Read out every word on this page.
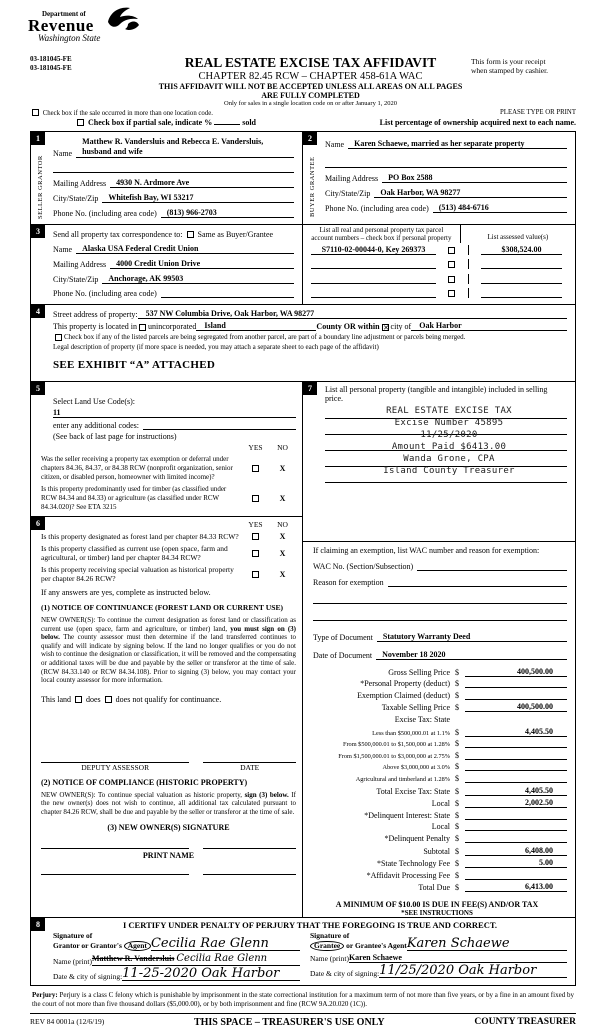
Department of
Revenue
Washington State
03-181045-FE
03-181045-FE	REAL ESTATE EXCISE TAX AFFIDAVIT
CHAPTER 82.45 RCW – CHAPTER 458-61A WAC
THIS AFFIDAVIT WILL NOT BE ACCEPTED UNLESS ALL AREAS ON ALL PAGES ARE FULLY COMPLETED
Only for sales in a single location code on or after January 1, 2020
This form is your receipt
when stamped by cashier.
Check box if the sale occurred in more than one location code.	PLEASE TYPE OR PRINT
Check box if partial sale, indicate %	sold	List percentage of ownership acquired next to each name.
1
SELLER GRANTOR
Name
Matthew R. Vandersluis and Rebecca E. Vandersluis,
husband and wife
Mailing Address	4930 N. Ardmore Ave
City/State/Zip	Whitefish Bay, WI 53217
Phone No. (including area code)	(813) 966-2703
2
BUYER GRANTEE
Name	Karen Schaewe, married as her separate property
Mailing Address	PO Box 2588
City/State/Zip	Oak Harbor, WA 98277
Phone No. (including area code)	(513) 484-6716
3	Send all property tax correspondence to: Same as Buyer/Grantee
Name	Alaska USA Federal Credit Union
Mailing Address	4000 Credit Union Drive
City/State/Zip	Anchorage, AK 99503
Phone No. (including area code)
List all real and personal property tax parcel account numbers – check box if personal property	List assessed value(s)
S7110-02-00044-0, Key 269373	$308,524.00
4	Street address of property:	537 NW Columbia Drive, Oak Harbor, WA 98277
This property is located in unincorporated	Island	County OR within ✕ city of	Oak Harbor
Check box if any of the listed parcels are being segregated from another parcel, are part of a boundary line adjustment or parcels being merged.
Legal description of property (if more space is needed, you may attach a separate sheet to each page of the affidavit)
SEE EXHIBIT “A” ATTACHED
5
Select Land Use Code(s):
11
enter any additional codes:
(See back of last page for instructions)
YES	NO
Was the seller receiving a property tax exemption or deferral under chapters 84.36, 84.37, or 84.38 RCW (nonprofit organization, senior citizen, or disabled person, homeowner with limited income)?
X
Is this property predominantly used for timber (as classified under RCW 84.34 and 84.33) or agriculture (as classified under RCW 84.34.020)? See ETA 3215
X
6	YES	NO
Is this property designated as forest land per chapter 84.33 RCW?	X
Is this property classified as current use (open space, farm and agricultural, or timber) land per chapter 84.34 RCW?	X
Is this property receiving special valuation as historical property per chapter 84.26 RCW?	X
If any answers are yes, complete as instructed below.
(1) NOTICE OF CONTINUANCE (FOREST LAND OR CURRENT USE)
NEW OWNER(S): To continue the current designation as forest land or classification as current use (open space, farm and agriculture, or timber) land, you must sign on (3) below. The county assessor must then determine if the land transferred continues to qualify and will indicate by signing below. If the land no longer qualifies or you do not wish to continue the designation or classification, it will be removed and the compensating or additional taxes will be due and payable by the seller or transferor at the time of sale. (RCW 84.33.140 or RCW 84.34.108). Prior to signing (3) below, you may contact your local county assessor for more information.
This land does does not qualify for continuance.
DEPUTY ASSESSOR	DATE
(2) NOTICE OF COMPLIANCE (HISTORIC PROPERTY)
NEW OWNER(S): To continue special valuation as historic property, sign (3) below. If the new owner(s) does not wish to continue, all additional tax calculated pursuant to chapter 84.26 RCW, shall be due and payable by the seller or transferor at the time of sale.
(3) NEW OWNER(S) SIGNATURE
PRINT NAME
7	List all personal property (tangible and intangible) included in selling price.
REAL ESTATE EXCISE TAX
Excise Number 45895
11/25/2020
Amount Paid $6413.00
Wanda Grone, CPA
Island County Treasurer
If claiming an exemption, list WAC number and reason for exemption:
WAC No. (Section/Subsection)
Reason for exemption
Type of Document	Statutory Warranty Deed
Date of Document	November 18 2020
Gross Selling Price $	400,500.00
*Personal Property (deduct) $
Exemption Claimed (deduct) $
Taxable Selling Price $	400,500.00
Excise Tax: State
Less than $500,000.01 at 1.1% $	4,405.50
From $500,000.01 to $1,500,000 at 1.28% $
From $1,500,000.01 to $3,000,000 at 2.75% $
Above $3,000,000 at 3.0% $
Agricultural and timberland at 1.28% $
Total Excise Tax: State $	4,405.50
Local $	2,002.50
*Delinquent Interest: State $
Local $
*Delinquent Penalty $
Subtotal $	6,408.00
*State Technology Fee $	5.00
*Affidavit Processing Fee $
Total Due $	6,413.00
A MINIMUM OF $10.00 IS DUE IN FEE(S) AND/OR TAX
*SEE INSTRUCTIONS
8	I CERTIFY UNDER PENALTY OF PERJURY THAT THE FOREGOING IS TRUE AND CORRECT.
Signature of
Grantor or Grantor's Agent Cecilia Rae Glenn
Name (print) Matthew R. Vandersluis Cecilia Rae Glenn
Date & city of signing: 11-25-2020 Oak Harbor
Signature of
Grantee or Grantee's Agent Karen Schaewe
Name (print) Karen Schaewe
Date & city of signing: 11/25/2020 Oak Harbor
Perjury: Perjury is a class C felony which is punishable by imprisonment in the state correctional institution for a maximum term of not more than five years, or by a fine in an amount fixed by the court of not more than five thousand dollars ($5,000.00), or by both imprisonment and fine (RCW 9A.20.020 (1C)).
REV 84 0001a (12/6/19)	THIS SPACE – TREASURER'S USE ONLY	COUNTY TREASURER
